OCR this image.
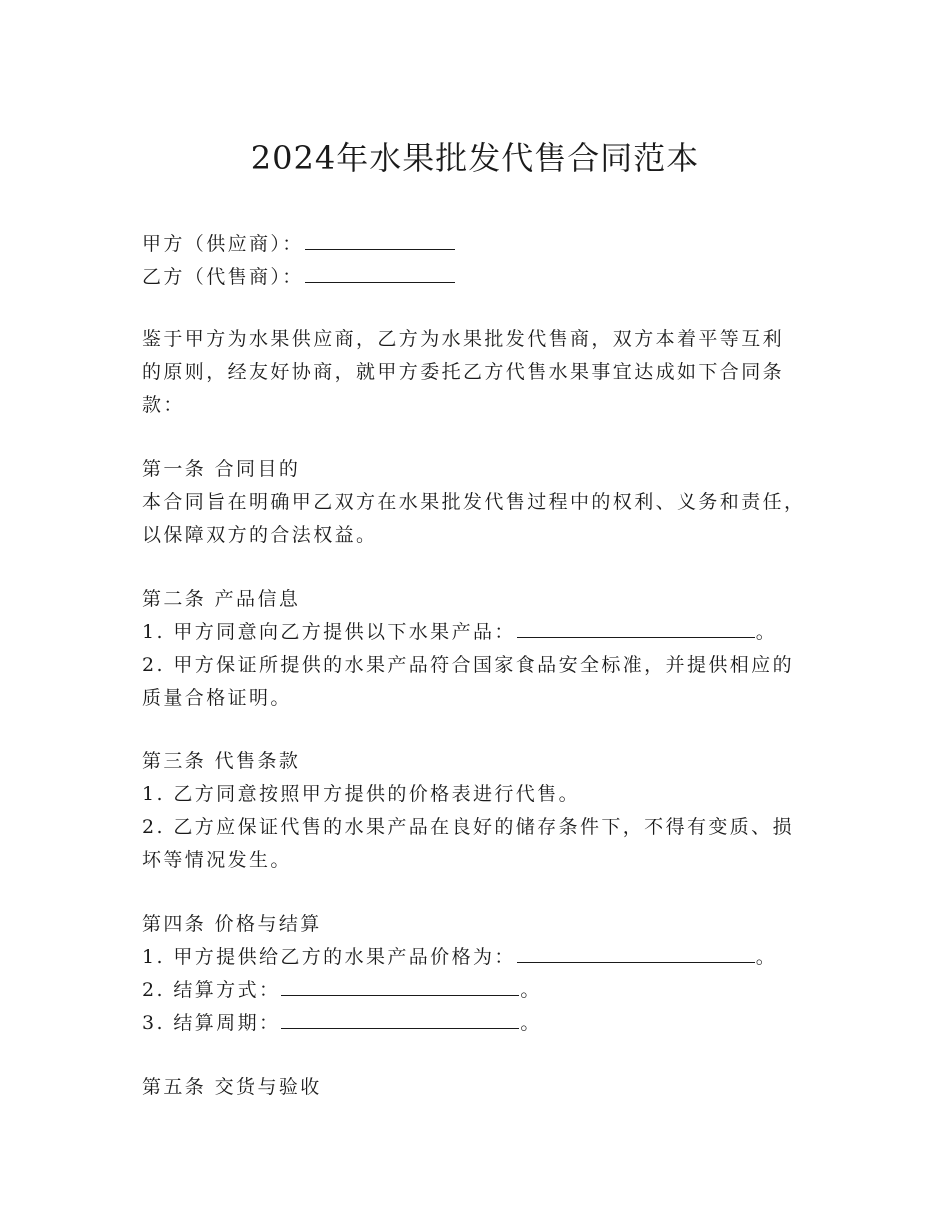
2024年水果批发代售合同范本
甲方（供应商）：
乙方（代售商）：
鉴于甲方为水果供应商，乙方为水果批发代售商，双方本着平等互利
的原则，经友好协商，就甲方委托乙方代售水果事宜达成如下合同条
款：
第一条 合同目的
本合同旨在明确甲乙双方在水果批发代售过程中的权利、义务和责任，
以保障双方的合法权益。
第二条 产品信息
1. 甲方同意向乙方提供以下水果产品：	。
2. 甲方保证所提供的水果产品符合国家食品安全标准，并提供相应的
质量合格证明。
第三条 代售条款
1. 乙方同意按照甲方提供的价格表进行代售。
2. 乙方应保证代售的水果产品在良好的储存条件下，不得有变质、损
坏等情况发生。
第四条 价格与结算
1. 甲方提供给乙方的水果产品价格为：	。
2. 结算方式：	。
3. 结算周期：	。
第五条 交货与验收
